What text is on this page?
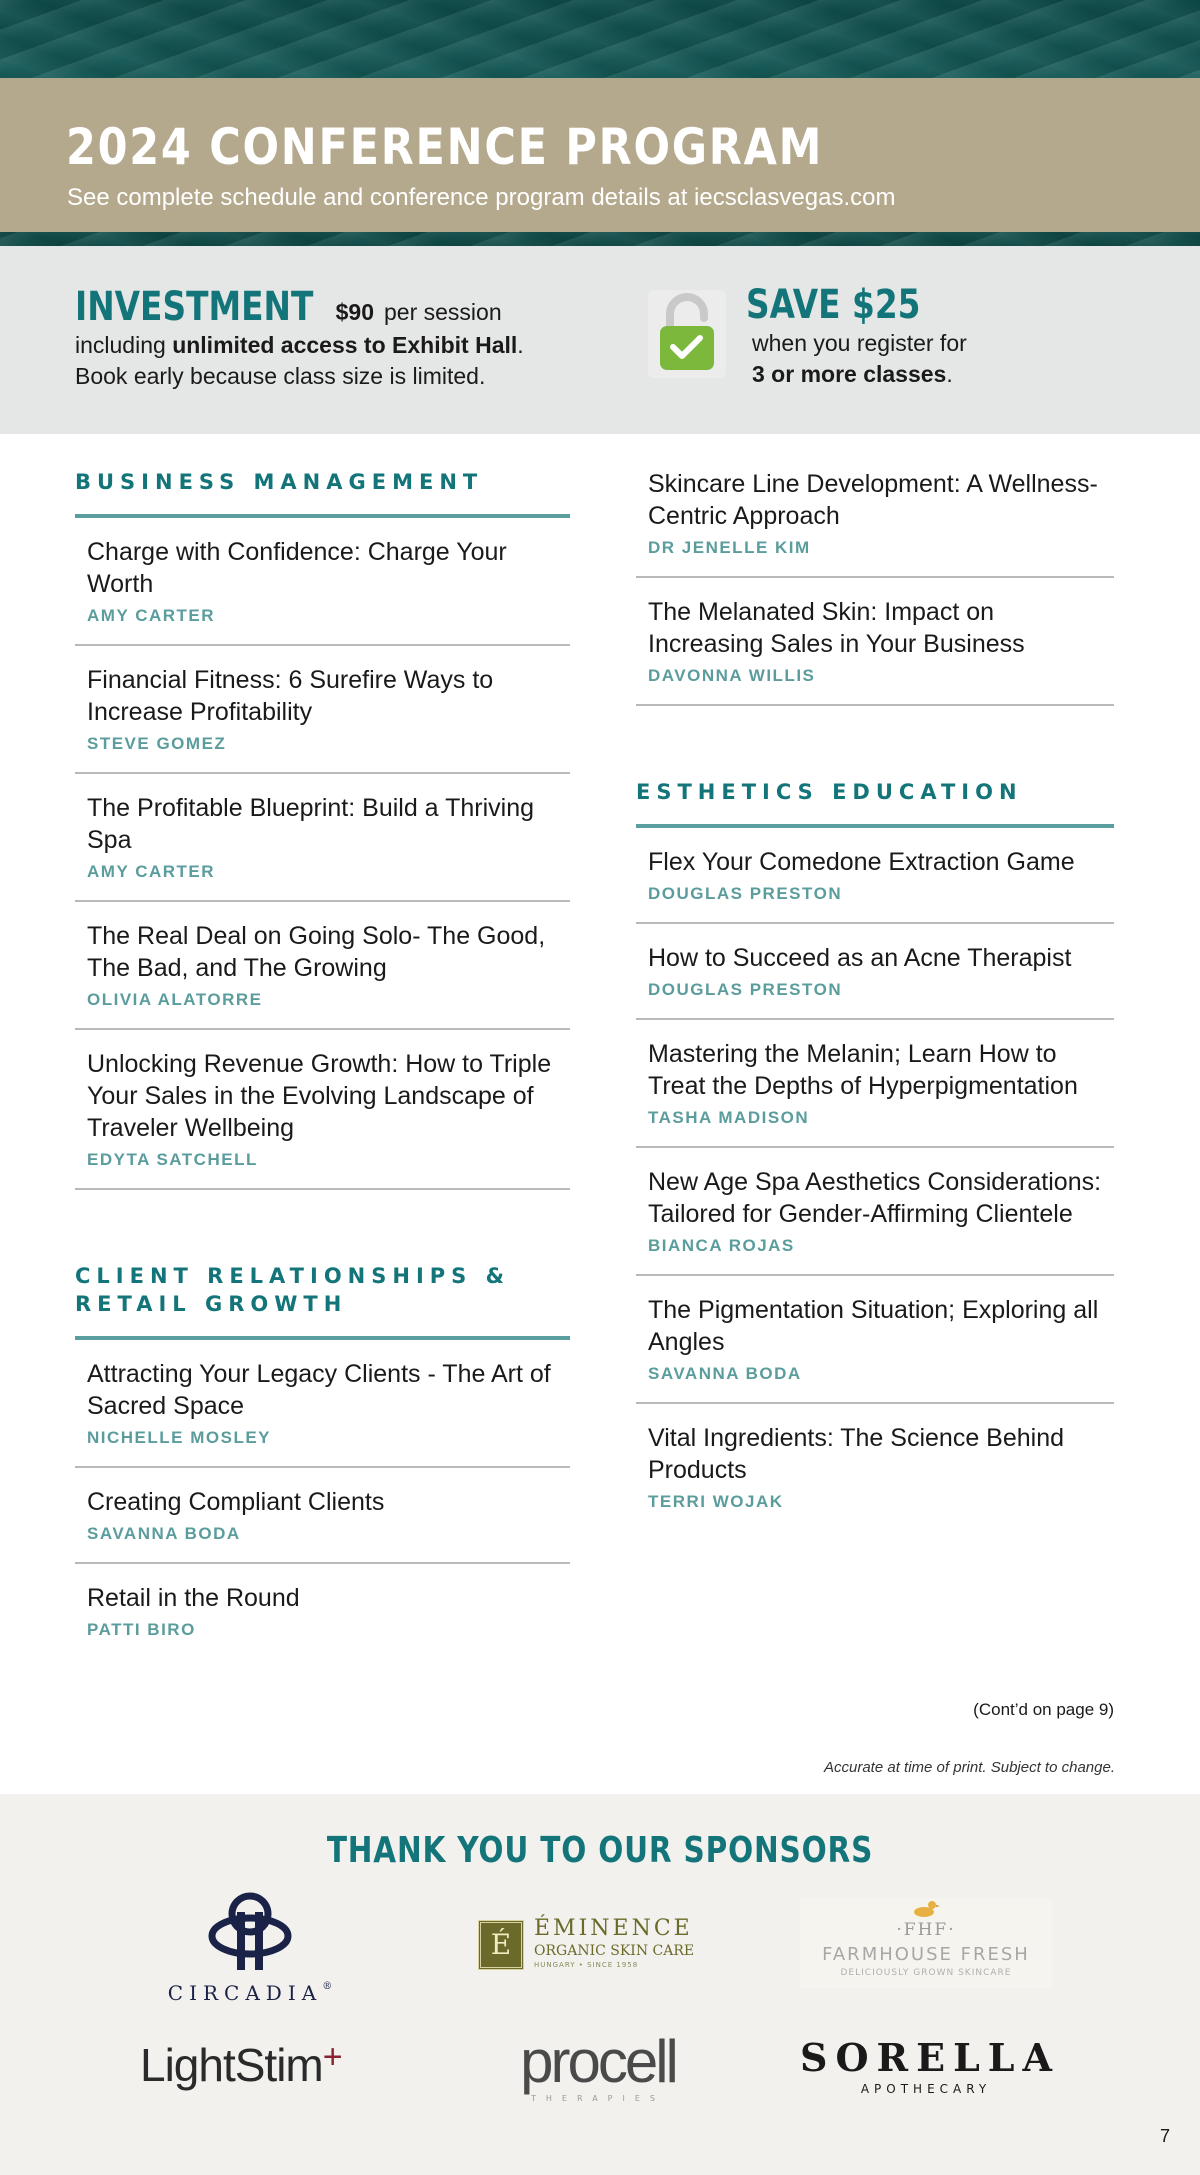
2024 CONFERENCE PROGRAM
See complete schedule and conference program details at iecsclasvegas.com
INVESTMENT $90 per session
including unlimited access to Exhibit Hall.
Book early because class size is limited.
SAVE $25
when you register for
3 or more classes.
BUSINESS MANAGEMENT
Charge with Confidence: Charge Your Worth
AMY CARTER
Financial Fitness: 6 Surefire Ways to Increase Profitability
STEVE GOMEZ
The Profitable Blueprint: Build a Thriving Spa
AMY CARTER
The Real Deal on Going Solo- The Good, The Bad, and The Growing
OLIVIA ALATORRE
Unlocking Revenue Growth: How to Triple Your Sales in the Evolving Landscape of Traveler Wellbeing
EDYTA SATCHELL
CLIENT RELATIONSHIPS & RETAIL GROWTH
Attracting Your Legacy Clients - The Art of Sacred Space
NICHELLE MOSLEY
Creating Compliant Clients
SAVANNA BODA
Retail in the Round
PATTI BIRO
Skincare Line Development: A Wellness-Centric Approach
DR JENELLE KIM
The Melanated Skin: Impact on Increasing Sales in Your Business
DAVONNA WILLIS
ESTHETICS EDUCATION
Flex Your Comedone Extraction Game
DOUGLAS PRESTON
How to Succeed as an Acne Therapist
DOUGLAS PRESTON
Mastering the Melanin; Learn How to Treat the Depths of Hyperpigmentation
TASHA MADISON
New Age Spa Aesthetics Considerations: Tailored for Gender-Affirming Clientele
BIANCA ROJAS
The Pigmentation Situation; Exploring all Angles
SAVANNA BODA
Vital Ingredients: The Science Behind Products
TERRI WOJAK
(Cont’d on page 9)
Accurate at time of print. Subject to change.
THANK YOU TO OUR SPONSORS
CIRCADIA®
É	ÉMINENCE
ORGANIC SKIN CARE
HUNGARY • SINCE 1958
·FHF·
FARMHOUSE FRESH
DELICIOUSLY GROWN SKINCARE
LightStim+	procell
THERAPIES
SORELLA
APOTHECARY
7
